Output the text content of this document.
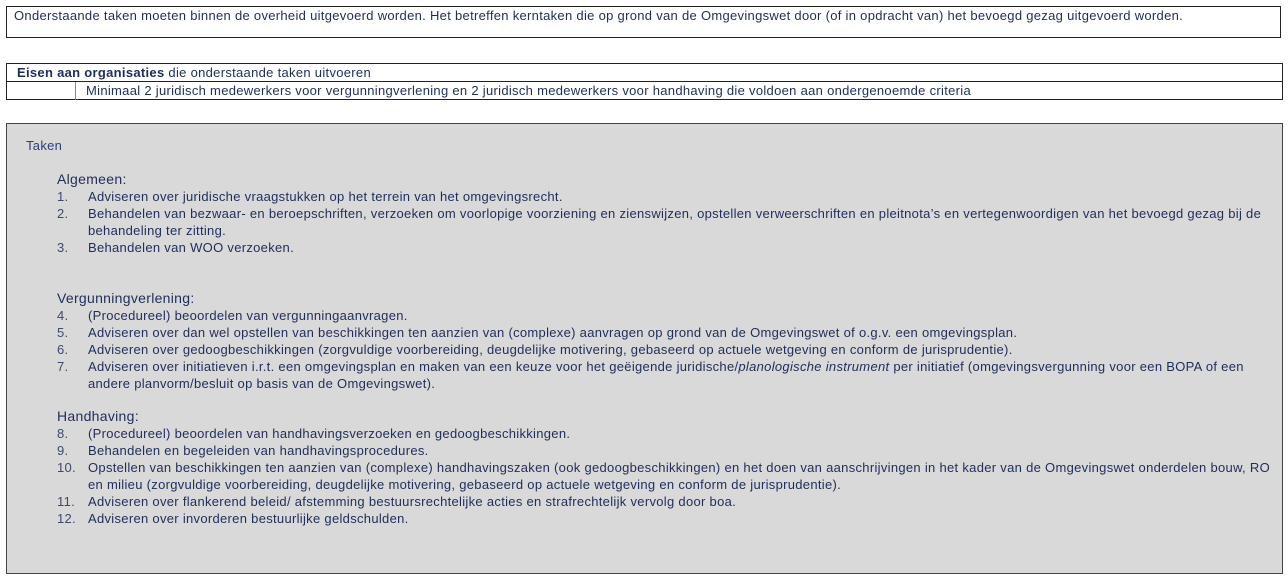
Onderstaande taken moeten binnen de overheid uitgevoerd worden. Het betreffen kerntaken die op grond van de Omgevingswet door (of in opdracht van) het bevoegd gezag uitgevoerd worden.
Eisen aan organisaties die onderstaande taken uitvoeren
Minimaal 2 juridisch medewerkers voor vergunningverlening en 2 juridisch medewerkers voor handhaving die voldoen aan ondergenoemde criteria
Taken
Algemeen:
1.	Adviseren over juridische vraagstukken op het terrein van het omgevingsrecht.
2.	Behandelen van bezwaar- en beroepschriften, verzoeken om voorlopige voorziening en zienswijzen, opstellen verweerschriften en pleitnota’s en vertegenwoordigen van het bevoegd gezag bij de behandeling ter zitting.
3.	Behandelen van WOO verzoeken.
Vergunningverlening:
4.	(Procedureel) beoordelen van vergunningaanvragen.
5.	Adviseren over dan wel opstellen van beschikkingen ten aanzien van (complexe) aanvragen op grond van de Omgevingswet of o.g.v. een omgevingsplan.
6.	Adviseren over gedoogbeschikkingen (zorgvuldige voorbereiding, deugdelijke motivering, gebaseerd op actuele wetgeving en conform de jurisprudentie).
7.	Adviseren over initiatieven i.r.t. een omgevingsplan en maken van een keuze voor het geëigende juridische/planologische instrument per initiatief (omgevingsvergunning voor een BOPA of een andere planvorm/besluit op basis van de Omgevingswet).
Handhaving:
8.	(Procedureel) beoordelen van handhavingsverzoeken en gedoogbeschikkingen.
9.	Behandelen en begeleiden van handhavingsprocedures.
10. Opstellen van beschikkingen ten aanzien van (complexe) handhavingszaken (ook gedoogbeschikkingen) en het doen van aanschrijvingen in het kader van de Omgevingswet onderdelen bouw, RO en milieu (zorgvuldige voorbereiding, deugdelijke motivering, gebaseerd op actuele wetgeving en conform de jurisprudentie).
11. Adviseren over flankerend beleid/ afstemming bestuursrechtelijke acties en strafrechtelijk vervolg door boa.
12. Adviseren over invorderen bestuurlijke geldschulden.
